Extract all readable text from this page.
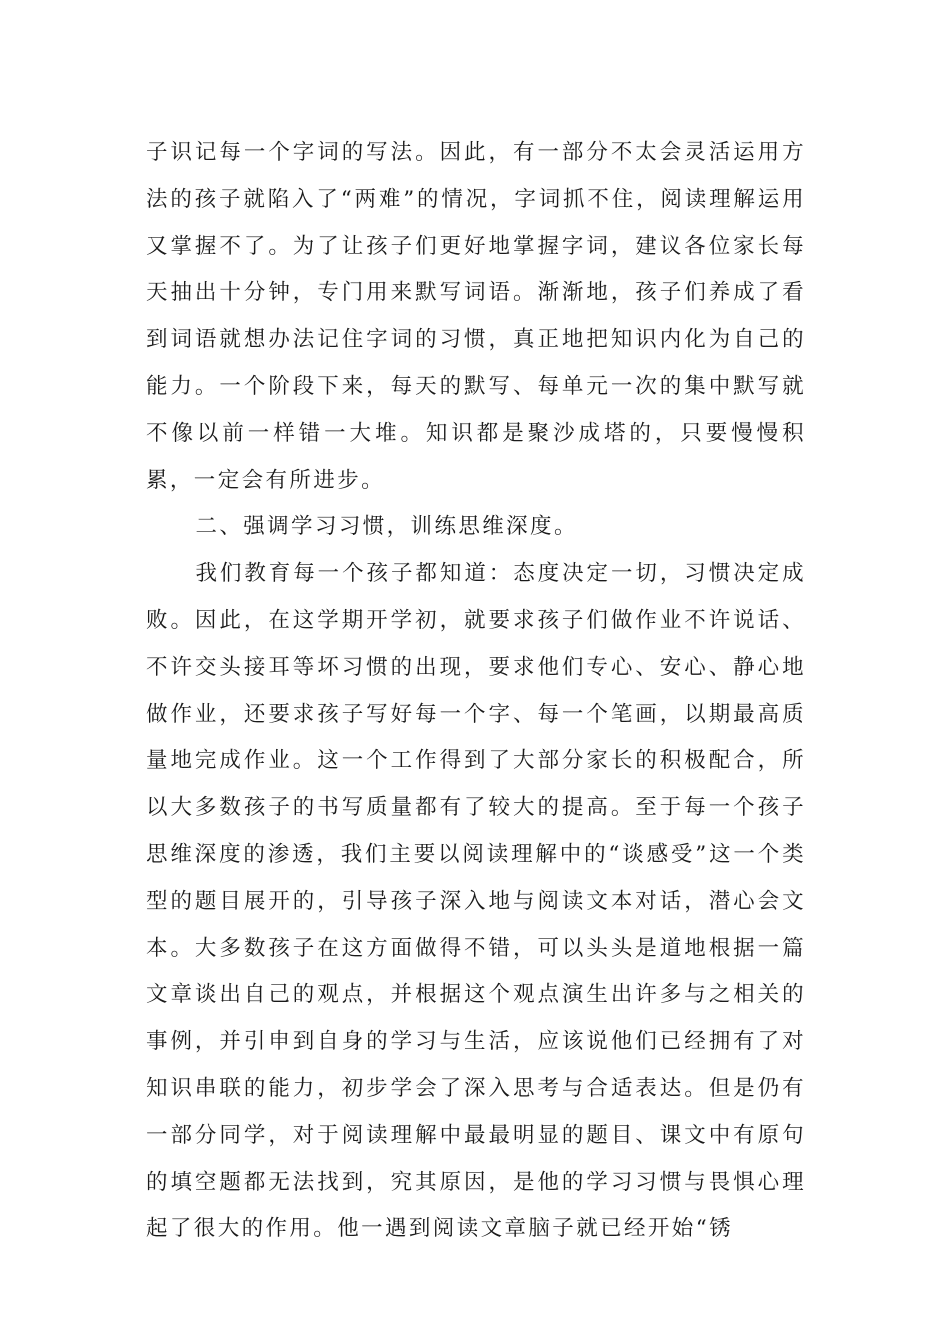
子识记每一个字词的写法。因此，有一部分不太会灵活运用方法的孩子就陷入了“两难”的情况，字词抓不住，阅读理解运用又掌握不了。为了让孩子们更好地掌握字词，建议各位家长每天抽出十分钟，专门用来默写词语。渐渐地，孩子们养成了看到词语就想办法记住字词的习惯，真正地把知识内化为自己的能力。一个阶段下来，每天的默写、每单元一次的集中默写就不像以前一样错一大堆。知识都是聚沙成塔的，只要慢慢积累，一定会有所进步。

二、强调学习习惯，训练思维深度。

我们教育每一个孩子都知道：态度决定一切，习惯决定成败。因此，在这学期开学初，就要求孩子们做作业不许说话、不许交头接耳等坏习惯的出现，要求他们专心、安心、静心地做作业，还要求孩子写好每一个字、每一个笔画，以期最高质量地完成作业。这一个工作得到了大部分家长的积极配合，所以大多数孩子的书写质量都有了较大的提高。至于每一个孩子思维深度的渗透，我们主要以阅读理解中的“谈感受”这一个类型的题目展开的，引导孩子深入地与阅读文本对话，潜心会文本。大多数孩子在这方面做得不错，可以头头是道地根据一篇文章谈出自己的观点，并根据这个观点演生出许多与之相关的事例，并引申到自身的学习与生活，应该说他们已经拥有了对知识串联的能力，初步学会了深入思考与合适表达。但是仍有一部分同学，对于阅读理解中最最明显的题目、课文中有原句的填空题都无法找到，究其原因，是他的学习习惯与畏惧心理起了很大的作用。他一遇到阅读文章脑子就已经开始“锈
